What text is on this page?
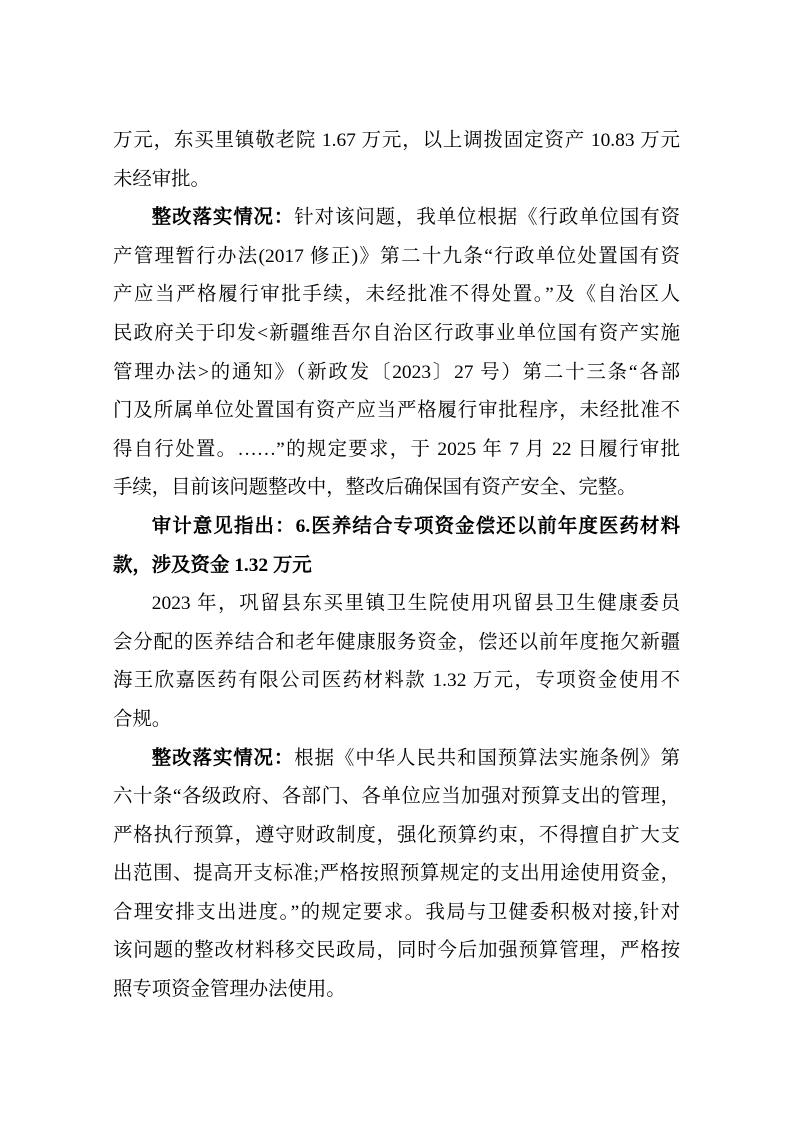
万元，东买里镇敬老院 1.67 万元，以上调拨固定资产 10.83 万元
未经审批。
整改落实情况：针对该问题，我单位根据《行政单位国有资
产管理暂行办法(2017 修正)》第二十九条“行政单位处置国有资
产应当严格履行审批手续，未经批准不得处置。”及《自治区人
民政府关于印发<新疆维吾尔自治区行政事业单位国有资产实施
管理办法>的通知》（新政发〔2023〕27 号）第二十三条“各部
门及所属单位处置国有资产应当严格履行审批程序，未经批准不
得自行处置。……”的规定要求，于 2025 年 7 月 22 日履行审批
手续，目前该问题整改中，整改后确保国有资产安全、完整。
审计意见指出：6.医养结合专项资金偿还以前年度医药材料
款，涉及资金 1.32 万元
2023 年，巩留县东买里镇卫生院使用巩留县卫生健康委员
会分配的医养结合和老年健康服务资金，偿还以前年度拖欠新疆
海王欣嘉医药有限公司医药材料款 1.32 万元，专项资金使用不
合规。
整改落实情况：根据《中华人民共和国预算法实施条例》第
六十条“各级政府、各部门、各单位应当加强对预算支出的管理，
严格执行预算，遵守财政制度，强化预算约束，不得擅自扩大支
出范围、提高开支标准;严格按照预算规定的支出用途使用资金，
合理安排支出进度。”的规定要求。我局与卫健委积极对接,针对
该问题的整改材料移交民政局，同时今后加强预算管理，严格按
照专项资金管理办法使用。
